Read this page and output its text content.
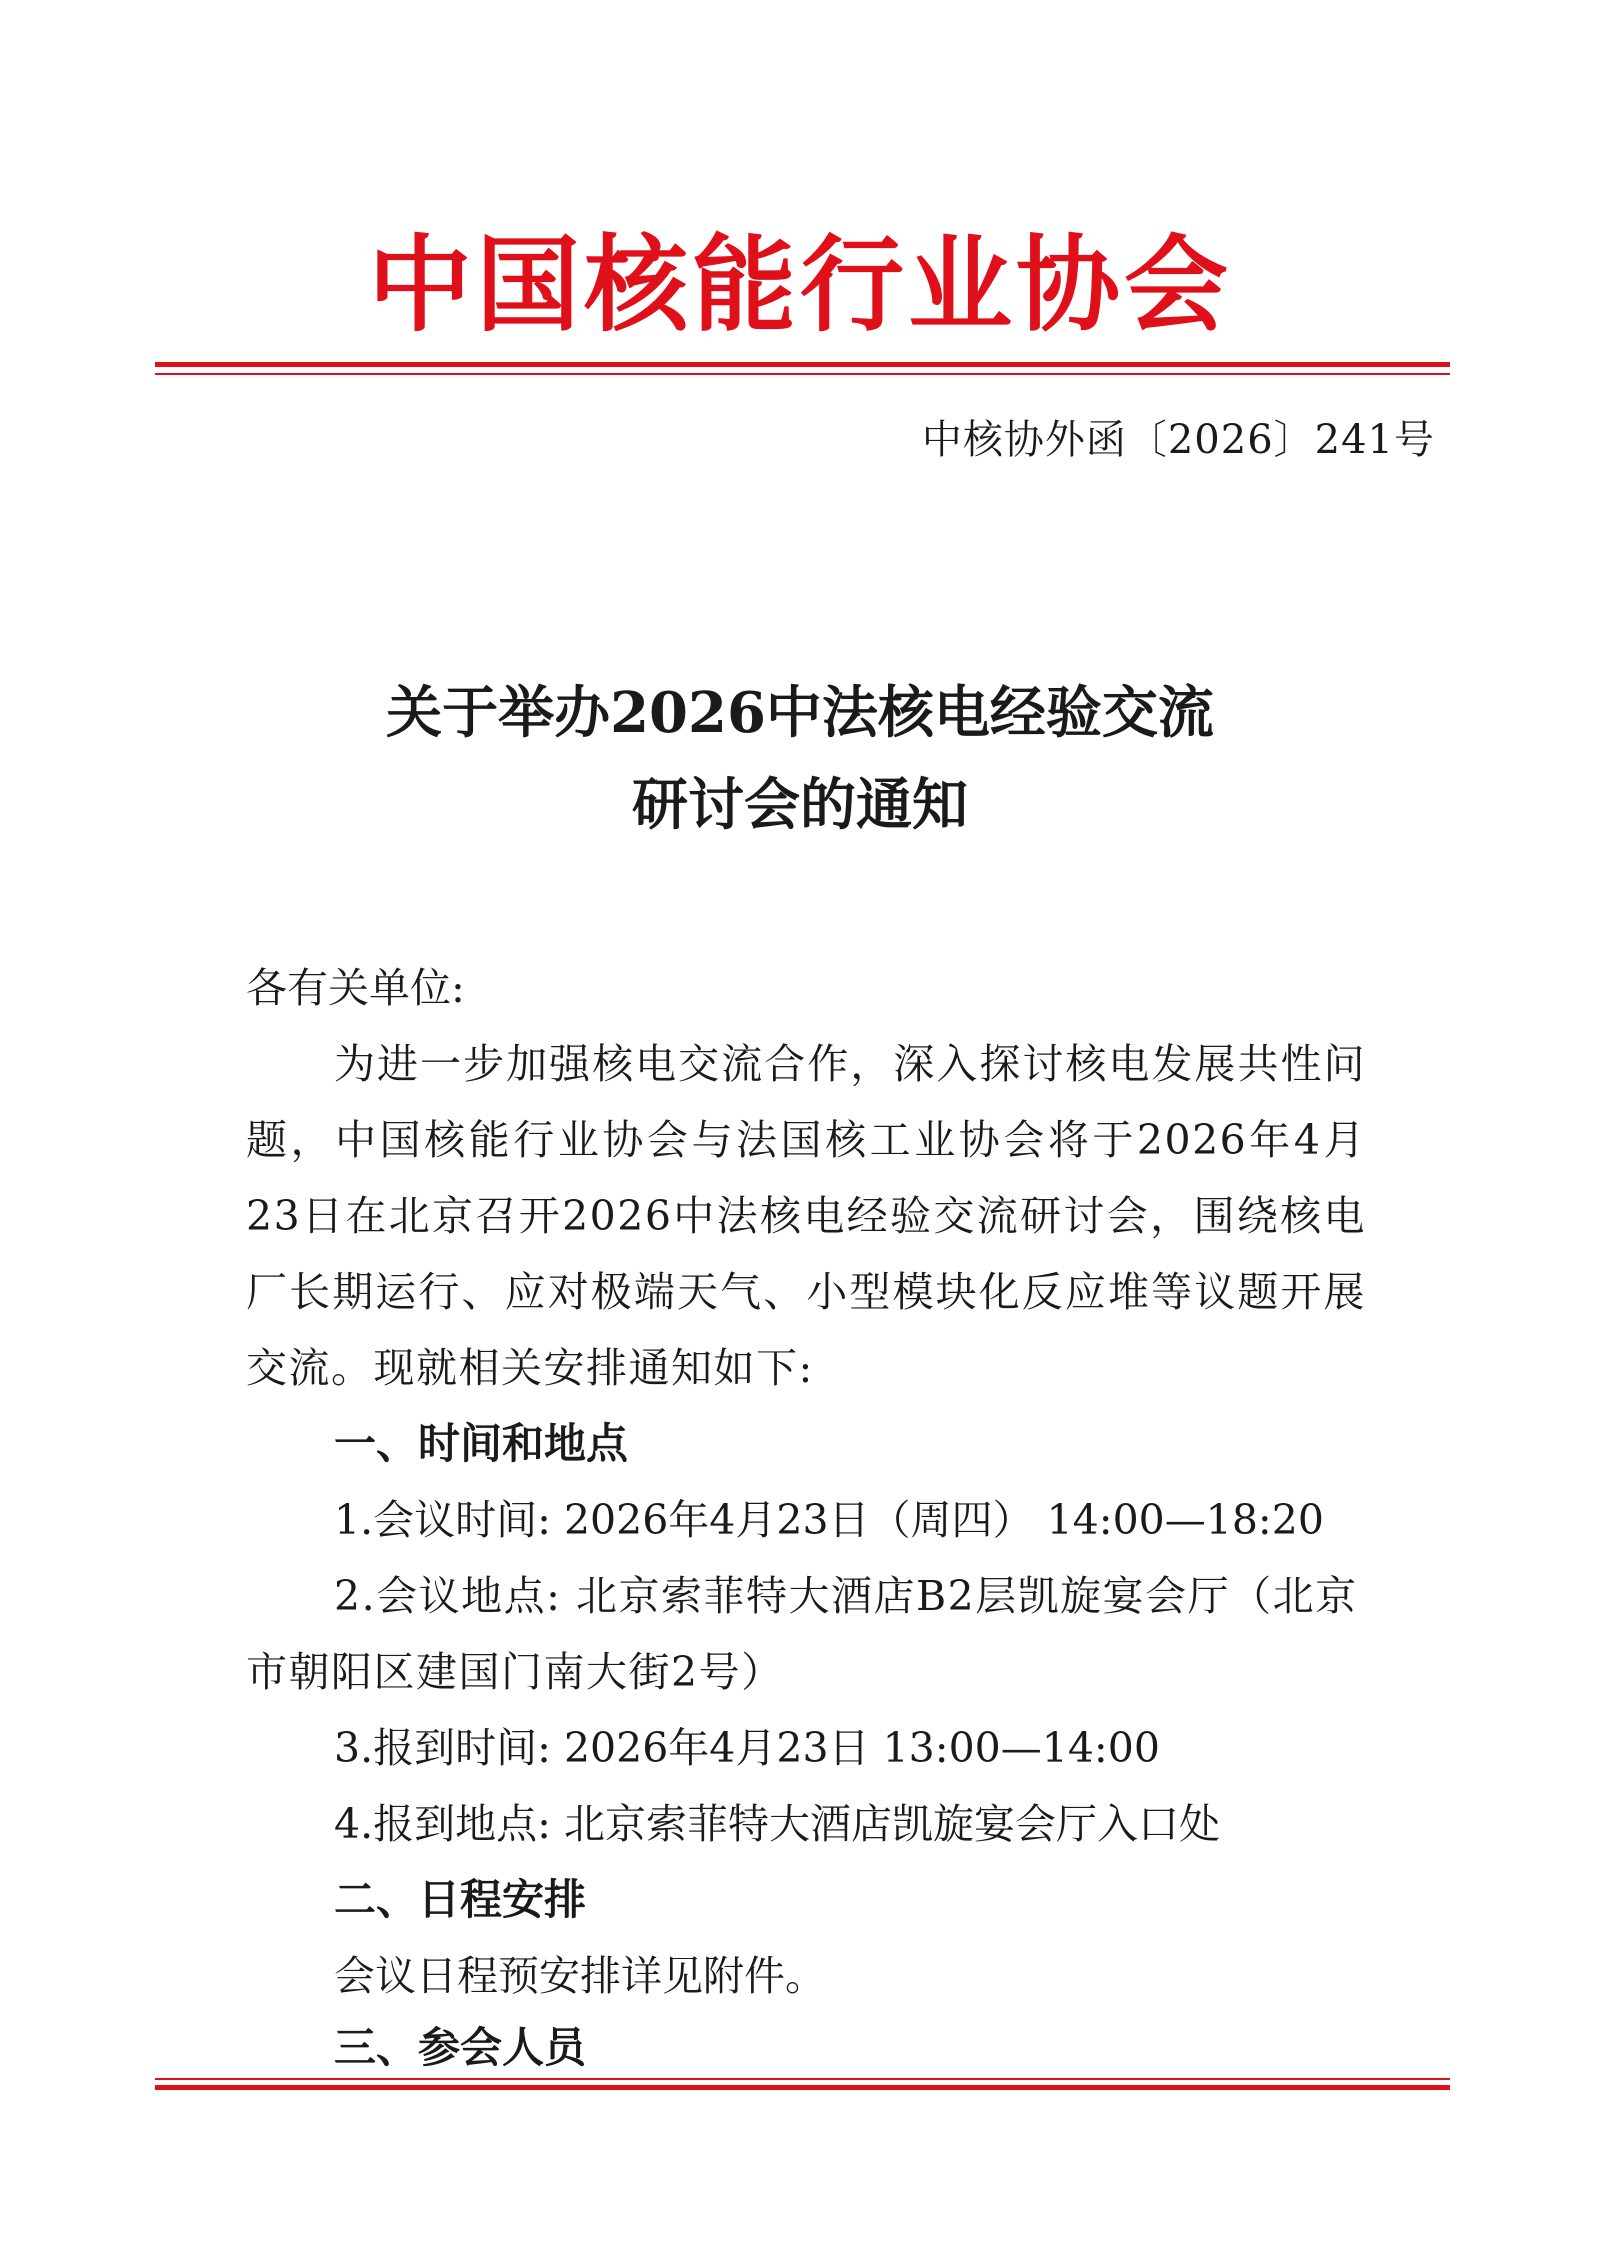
中国核能行业协会
中核协外函〔2026〕241号
关于举办2026中法核电经验交流
研讨会的通知
各有关单位:
为进一步加强核电交流合作，深入探讨核电发展共性问题，中国核能行业协会与法国核工业协会将于2026年4月23日在北京召开2026中法核电经验交流研讨会，围绕核电厂长期运行、应对极端天气、小型模块化反应堆等议题开展交流。现就相关安排通知如下:
一、时间和地点
1.会议时间: 2026年4月23日（周四） 14:00—18:20
2.会议地点: 北京索菲特大酒店B2层凯旋宴会厅（北京市朝阳区建国门南大街2号）
3.报到时间: 2026年4月23日 13:00—14:00
4.报到地点: 北京索菲特大酒店凯旋宴会厅入口处
二、日程安排
会议日程预安排详见附件。
三、参会人员
